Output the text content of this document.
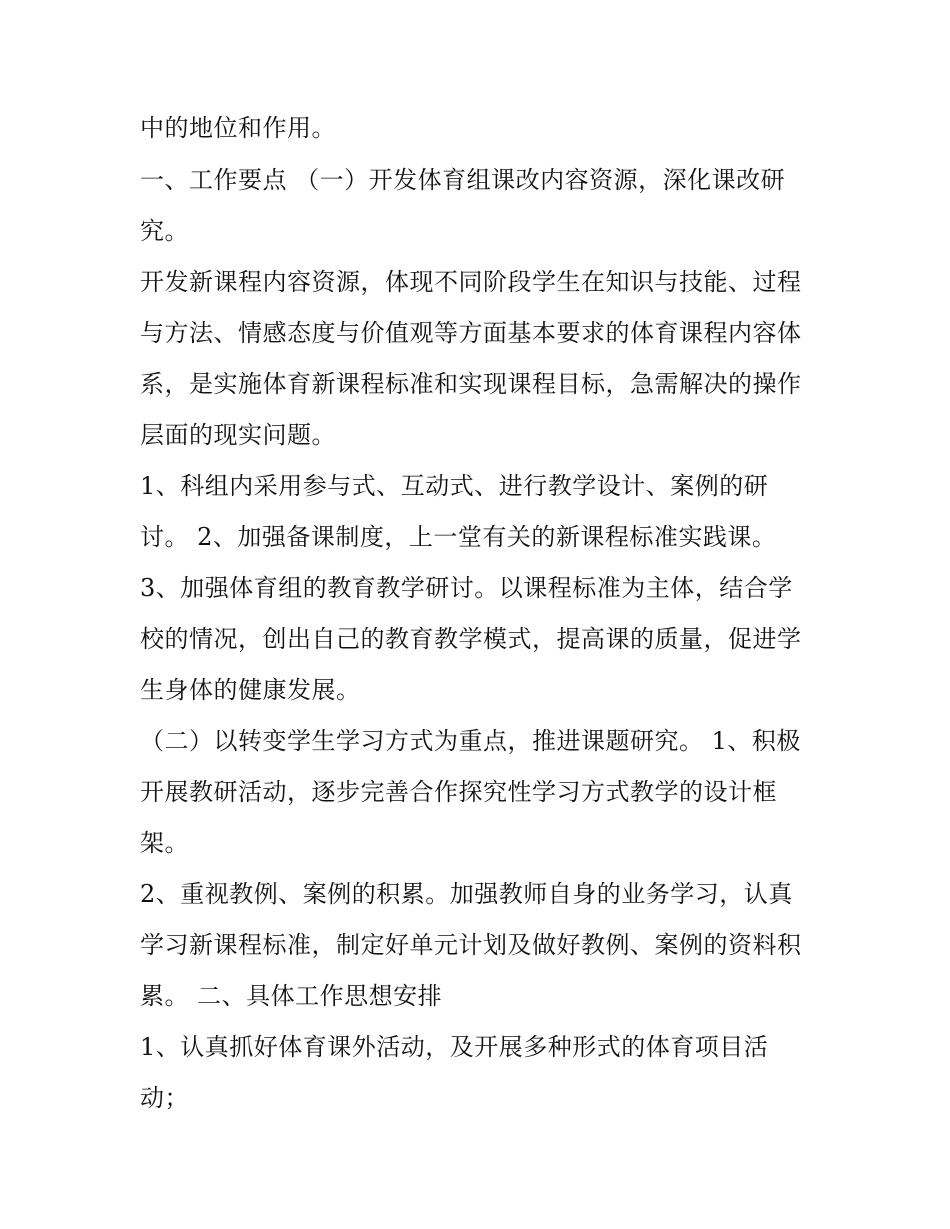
中的地位和作用。
一、工作要点 （一）开发体育组课改内容资源，深化课改研
究。
开发新课程内容资源，体现不同阶段学生在知识与技能、过程
与方法、情感态度与价值观等方面基本要求的体育课程内容体
系，是实施体育新课程标准和实现课程目标，急需解决的操作
层面的现实问题。
1、科组内采用参与式、互动式、进行教学设计、案例的研
讨。 2、加强备课制度，上一堂有关的新课程标准实践课。
3、加强体育组的教育教学研讨。以课程标准为主体，结合学
校的情况，创出自己的教育教学模式，提高课的质量，促进学
生身体的健康发展。
（二）以转变学生学习方式为重点，推进课题研究。 1、积极
开展教研活动，逐步完善合作探究性学习方式教学的设计框
架。
2、重视教例、案例的积累。加强教师自身的业务学习，认真
学习新课程标准，制定好单元计划及做好教例、案例的资料积
累。 二、具体工作思想安排
1、认真抓好体育课外活动，及开展多种形式的体育项目活
动；
